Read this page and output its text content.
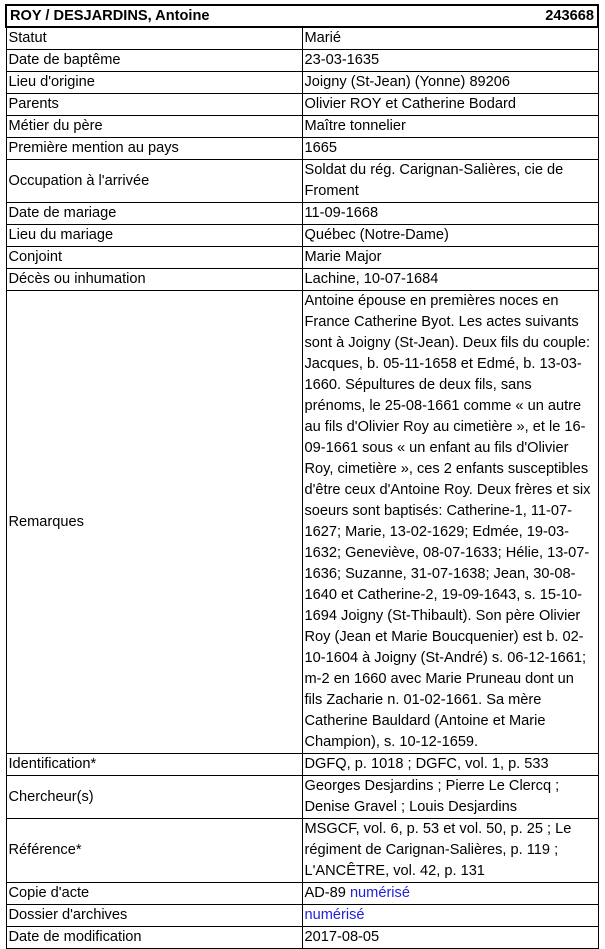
ROY / DESJARDINS, Antoine 243668	

Statut	Marié
Date de baptême	23-03-1635
Lieu d'origine	Joigny (St-Jean) (Yonne) 89206
Parents	Olivier ROY et Catherine Bodard
Métier du père	Maître tonnelier
Première mention au pays	1665
Occupation à l'arrivée	Soldat du rég. Carignan-Salières, cie de Froment
Date de mariage	11-09-1668
Lieu du mariage	Québec (Notre-Dame)
Conjoint	Marie Major
Décès ou inhumation	Lachine, 10-07-1684
Remarques	Antoine épouse en premières noces en France Catherine Byot. Les actes suivants sont à Joigny (St-Jean). Deux fils du couple: Jacques, b. 05-11-1658 et Edmé, b. 13-03-1660. Sépultures de deux fils, sans prénoms, le 25-08-1661 comme « un autre au fils d'Olivier Roy au cimetière », et le 16-09-1661 sous « un enfant au fils d'Olivier Roy, cimetière », ces 2 enfants susceptibles d'être ceux d'Antoine Roy. Deux frères et six soeurs sont baptisés: Catherine-1, 11-07-1627; Marie, 13-02-1629; Edmée, 19-03-1632; Geneviève, 08-07-1633; Hélie, 13-07-1636; Suzanne, 31-07-1638; Jean, 30-08-1640 et Catherine-2, 19-09-1643, s. 15-10-1694 Joigny (St-Thibault). Son père Olivier Roy (Jean et Marie Boucquenier) est b. 02-10-1604 à Joigny (St-André) s. 06-12-1661; m-2 en 1660 avec Marie Pruneau dont un fils Zacharie n. 01-02-1661. Sa mère Catherine Bauldard (Antoine et Marie Champion), s. 10-12-1659.
Identification*	DGFQ, p. 1018 ; DGFC, vol. 1, p. 533
Chercheur(s)	Georges Desjardins ; Pierre Le Clercq ; Denise Gravel ; Louis Desjardins
Référence*	MSGCF, vol. 6, p. 53 et vol. 50, p. 25 ; Le régiment de Carignan-Salières, p. 119 ; L'ANCÊTRE, vol. 42, p. 131
Copie d'acte	AD-89 numérisé
Dossier d'archives	numérisé
Date de modification	2017-08-05
